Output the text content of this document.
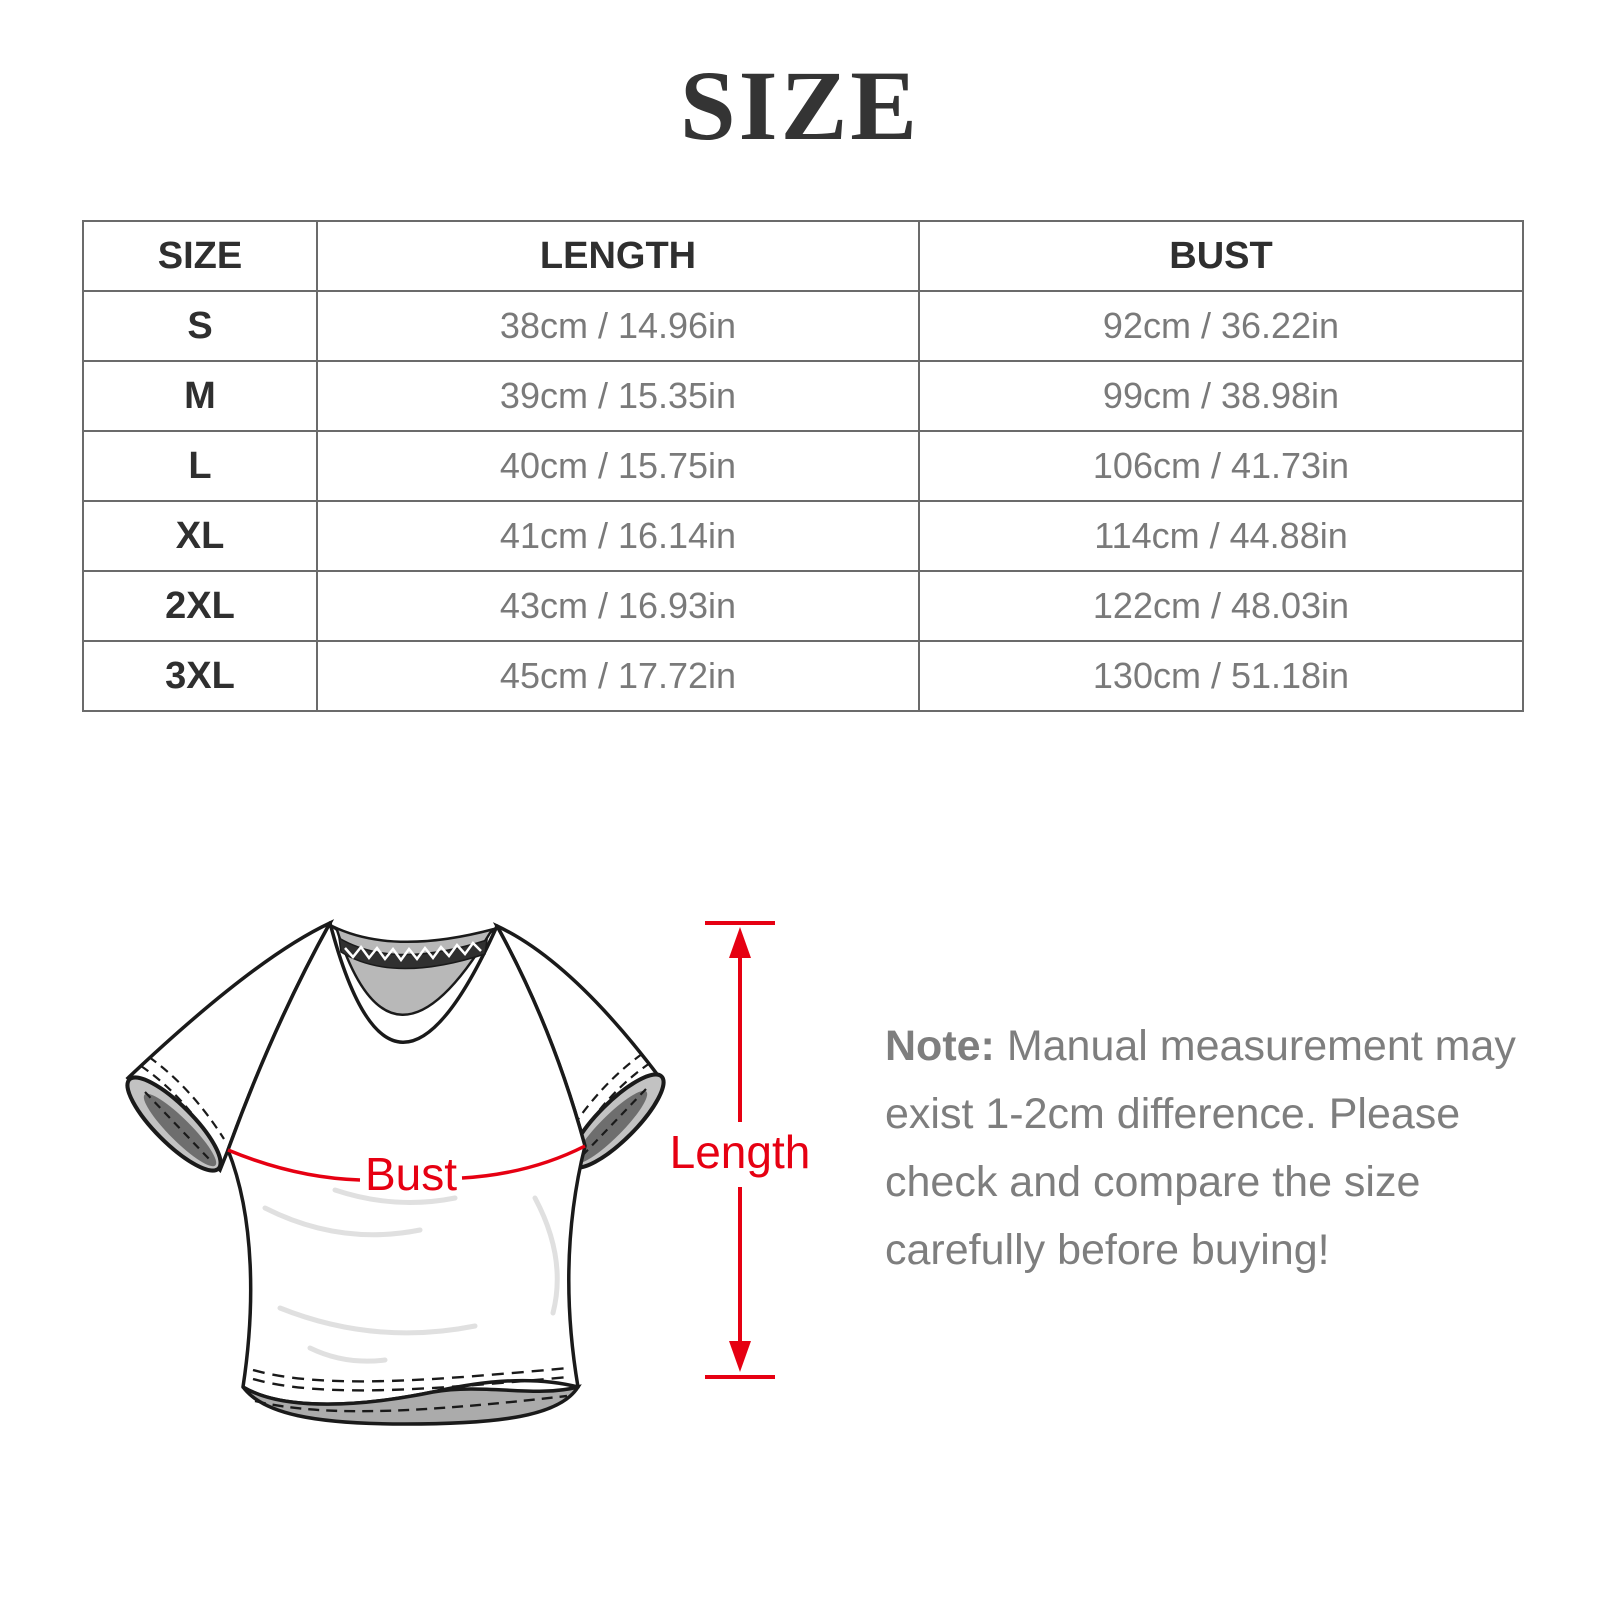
SIZE
SIZE	LENGTH	BUST
S	38cm / 14.96in	92cm / 36.22in
M	39cm / 15.35in	99cm / 38.98in
L	40cm / 15.75in	106cm / 41.73in
XL	41cm / 16.14in	114cm / 44.88in
2XL	43cm / 16.93in	122cm / 48.03in
3XL	45cm / 17.72in	130cm / 51.18in
Bust	Length
Note: Manual measurement may
exist 1-2cm difference. Please
check and compare the size
carefully before buying!
